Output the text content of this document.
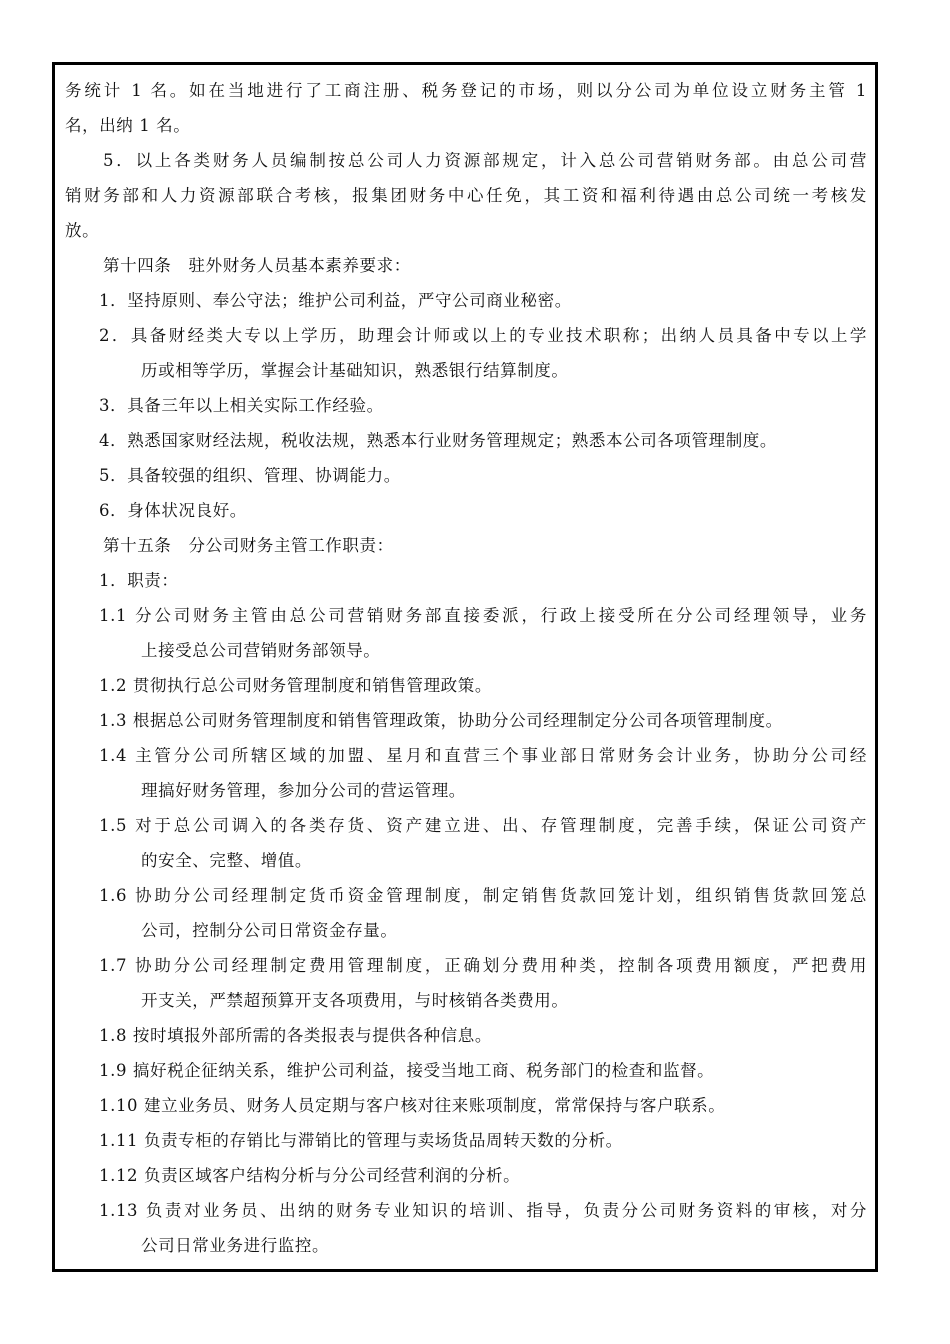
务统计 1 名。如在当地进行了工商注册、税务登记的市场，则以分公司为单位设立财务主管 1
名，出纳 1 名。
5．以上各类财务人员编制按总公司人力资源部规定，计入总公司营销财务部。由总公司营
销财务部和人力资源部联合考核，报集团财务中心任免，其工资和福利待遇由总公司统一考核发
放。
第十四条　驻外财务人员基本素养要求：
1．坚持原则、奉公守法；维护公司利益，严守公司商业秘密。
2．具备财经类大专以上学历，助理会计师或以上的专业技术职称；出纳人员具备中专以上学
历或相等学历，掌握会计基础知识，熟悉银行结算制度。
3．具备三年以上相关实际工作经验。
4．熟悉国家财经法规，税收法规，熟悉本行业财务管理规定；熟悉本公司各项管理制度。
5．具备较强的组织、管理、协调能力。
6．身体状况良好。
第十五条　分公司财务主管工作职责：
1．职责：
1.1 分公司财务主管由总公司营销财务部直接委派，行政上接受所在分公司经理领导，业务
上接受总公司营销财务部领导。
1.2 贯彻执行总公司财务管理制度和销售管理政策。
1.3 根据总公司财务管理制度和销售管理政策，协助分公司经理制定分公司各项管理制度。
1.4 主管分公司所辖区域的加盟、星月和直营三个事业部日常财务会计业务，协助分公司经
理搞好财务管理，参加分公司的营运管理。
1.5 对于总公司调入的各类存货、资产建立进、出、存管理制度，完善手续，保证公司资产
的安全、完整、增值。
1.6 协助分公司经理制定货币资金管理制度，制定销售货款回笼计划，组织销售货款回笼总
公司，控制分公司日常资金存量。
1.7 协助分公司经理制定费用管理制度，正确划分费用种类，控制各项费用额度，严把费用
开支关，严禁超预算开支各项费用，与时核销各类费用。
1.8 按时填报外部所需的各类报表与提供各种信息。
1.9 搞好税企征纳关系，维护公司利益，接受当地工商、税务部门的检查和监督。
1.10 建立业务员、财务人员定期与客户核对往来账项制度，常常保持与客户联系。
1.11 负责专柜的存销比与滞销比的管理与卖场货品周转天数的分析。
1.12 负责区域客户结构分析与分公司经营利润的分析。
1.13 负责对业务员、出纳的财务专业知识的培训、指导，负责分公司财务资料的审核，对分
公司日常业务进行监控。
